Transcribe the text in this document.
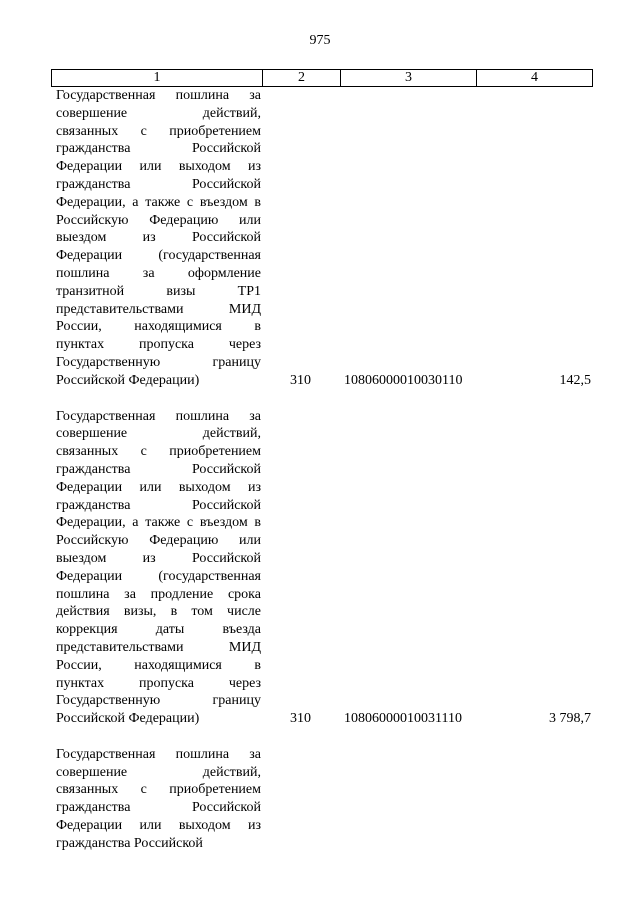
975
1	2	3	4
Государственная пошлина за
совершение действий,
связанных с приобретением
гражданства Российской
Федерации или выходом из
гражданства Российской
Федерации, а также с въездом в
Российскую Федерацию или
выездом из Российской
Федерации (государственная
пошлина за оформление
транзитной визы ТР1
представительствами МИД
России, находящимися в
пунктах пропуска через
Государственную границу
Российской Федерации)	310 10806000010030110	142,5
Государственная пошлина за
совершение действий,
связанных с приобретением
гражданства Российской
Федерации или выходом из
гражданства Российской
Федерации, а также с въездом в
Российскую Федерацию или
выездом из Российской
Федерации (государственная
пошлина за продление срока
действия визы, в том числе
коррекция даты въезда
представительствами МИД
России, находящимися в
пунктах пропуска через
Государственную границу
Российской Федерации)	310 10806000010031110	3 798,7
Государственная пошлина за
совершение действий,
связанных с приобретением
гражданства Российской
Федерации или выходом из
гражданства Российской
